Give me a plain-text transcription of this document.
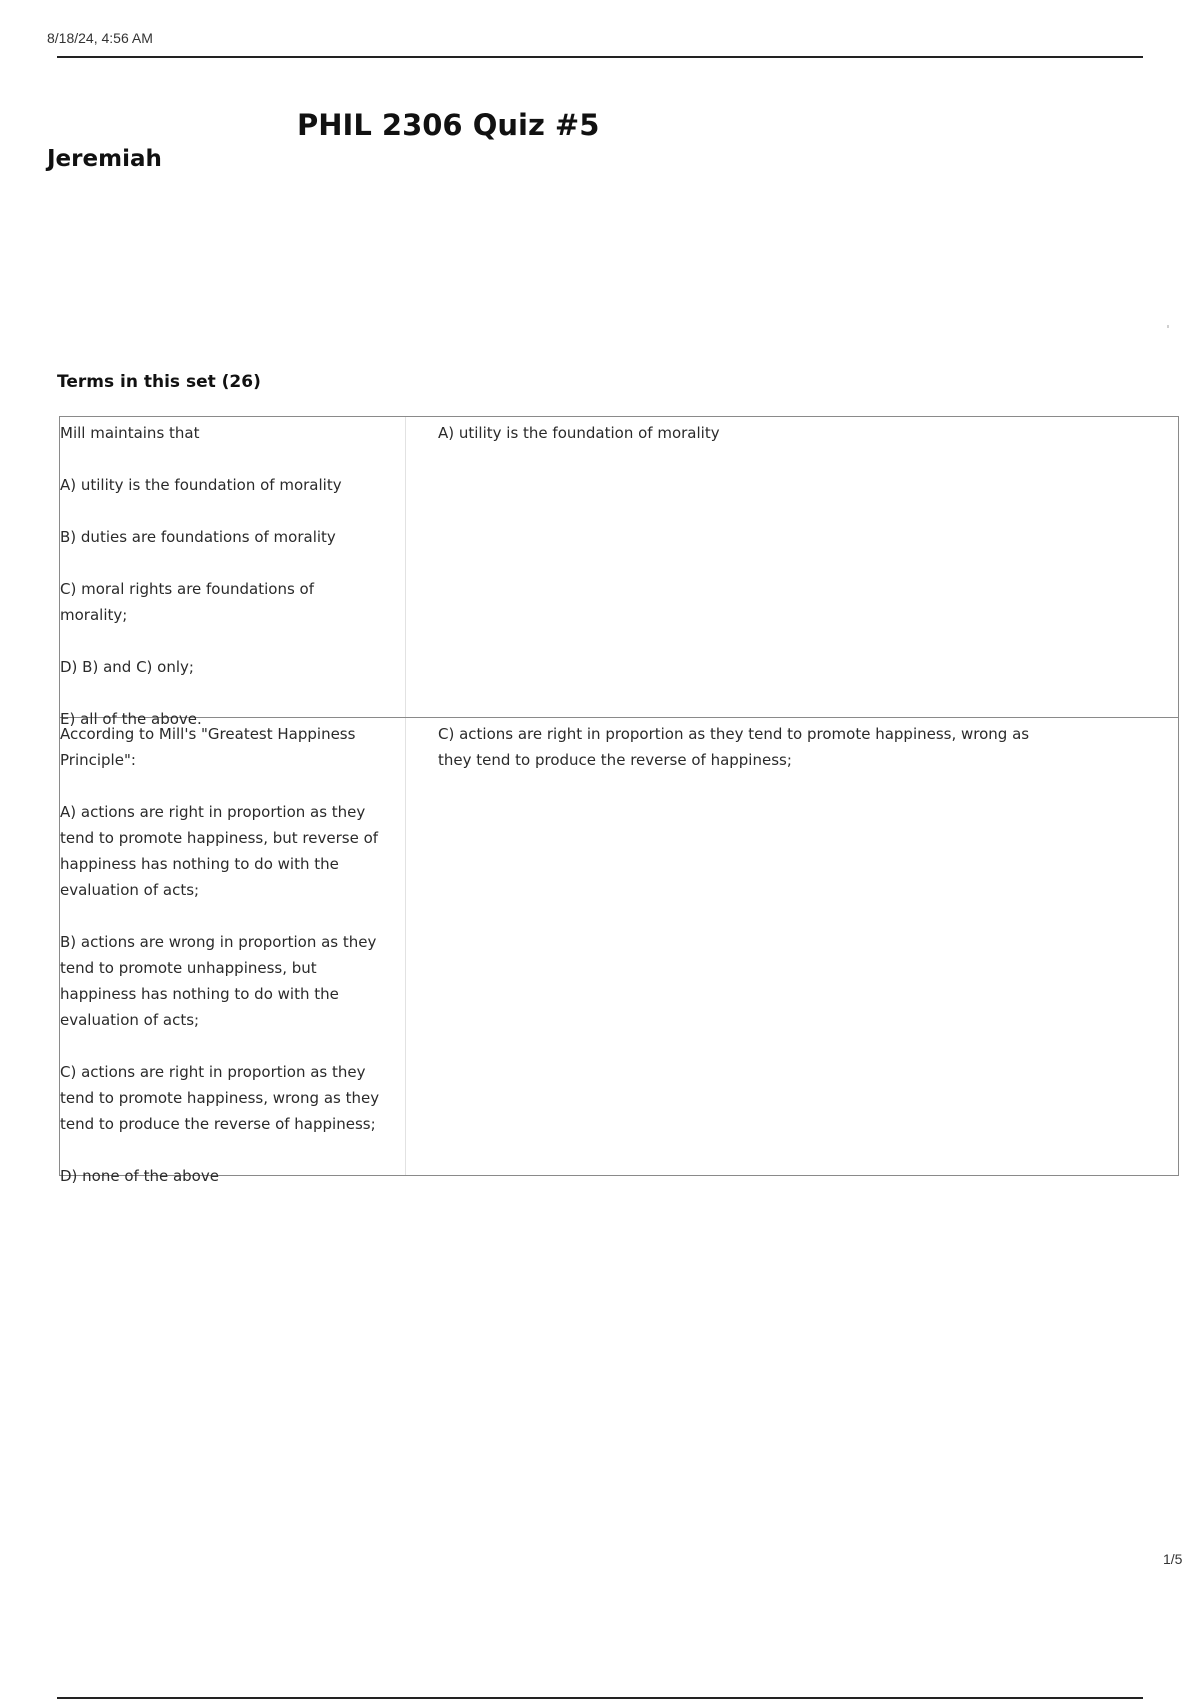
8/18/24, 4:56 AM
PHIL 2306 Quiz #5
Jeremiah
Terms in this set (26)

Mill maintains that

A) utility is the foundation of morality

B) duties are foundations of morality

C) moral rights are foundations of morality;

D) B) and C) only;

E) all of the above.

A) utility is the foundation of morality

According to Mill's "Greatest Happiness Principle":

A) actions are right in proportion as they tend to promote happiness, but reverse of happiness has nothing to do with the evaluation of acts;

B) actions are wrong in proportion as they tend to promote unhappiness, but happiness has nothing to do with the evaluation of acts;

C) actions are right in proportion as they tend to promote happiness, wrong as they tend to produce the reverse of happiness;

D) none of the above

C) actions are right in proportion as they tend to promote happiness, wrong as they tend to produce the reverse of happiness;
1/5
